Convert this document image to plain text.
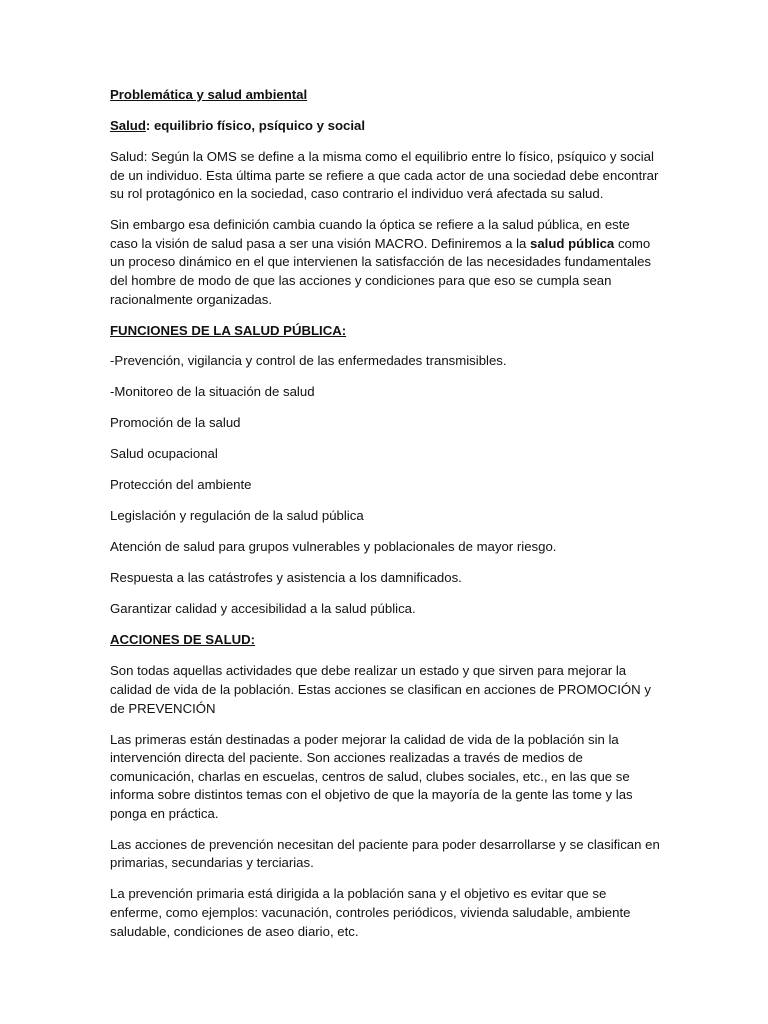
Problemática y salud ambiental

Salud: equilibrio físico, psíquico y social

Salud: Según la OMS se define a la misma como el equilibrio entre lo físico, psíquico y social de un individuo. Esta última parte se refiere a que cada actor de una sociedad debe encontrar su rol protagónico en la sociedad, caso contrario el individuo verá afectada su salud.

Sin embargo esa definición cambia cuando la óptica se refiere a la salud pública, en este caso la visión de salud pasa a ser una visión MACRO. Definiremos a la salud pública como un proceso dinámico en el que intervienen la satisfacción de las necesidades fundamentales del hombre de modo de que las acciones y condiciones para que eso se cumpla sean racionalmente organizadas.

FUNCIONES DE LA SALUD PÚBLICA:

-Prevención, vigilancia y control de las enfermedades transmisibles.

-Monitoreo de la situación de salud

Promoción de la salud

Salud ocupacional

Protección del ambiente

Legislación y regulación de la salud pública

Atención de salud para grupos vulnerables y poblacionales de mayor riesgo.

Respuesta a las catástrofes y asistencia a los damnificados.

Garantizar calidad y accesibilidad a la salud pública.

ACCIONES DE SALUD:

Son todas aquellas actividades que debe realizar un estado y que sirven para mejorar la calidad de vida de la población. Estas acciones se clasifican en acciones de PROMOCIÓN y de PREVENCIÓN

Las primeras están destinadas a poder mejorar la calidad de vida de la población sin la intervención directa del paciente. Son acciones realizadas a través de medios de comunicación, charlas en escuelas, centros de salud, clubes sociales, etc., en las que se informa sobre distintos temas con el objetivo de que la mayoría de la gente las tome y las ponga en práctica.

Las acciones de prevención necesitan del paciente para poder desarrollarse y se clasifican en primarias, secundarias y terciarias.

La prevención primaria está dirigida a la población sana y el objetivo es evitar que se enferme, como ejemplos: vacunación, controles periódicos, vivienda saludable, ambiente saludable, condiciones de aseo diario, etc.
